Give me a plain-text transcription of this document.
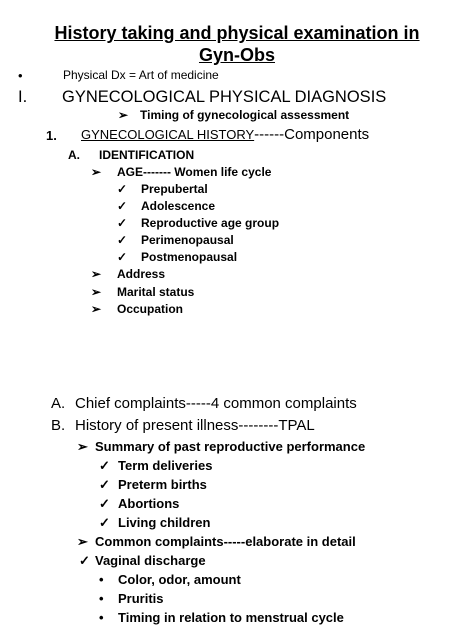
History taking and physical examination in
Gyn-Obs
•	Physical Dx = Art of medicine
I. GYNECOLOGICAL PHYSICAL DIAGNOSIS
➢ Timing of gynecological assessment
1. GYNECOLOGICAL HISTORY------Components
A. IDENTIFICATION
➢ AGE------- Women life cycle
✓ Prepubertal
✓ Adolescence
✓ Reproductive age group
✓ Perimenopausal
✓ Postmenopausal
➢ Address
➢ Marital status
➢ Occupation
A. Chief complaints-----4 common complaints
B. History of present illness--------TPAL
➢ Summary of past reproductive performance
✓ Term deliveries
✓ Preterm births
✓ Abortions
✓ Living children
➢ Common complaints-----elaborate in detail
✓ Vaginal discharge
• Color, odor, amount
• Pruritis
• Timing in relation to menstrual cycle
